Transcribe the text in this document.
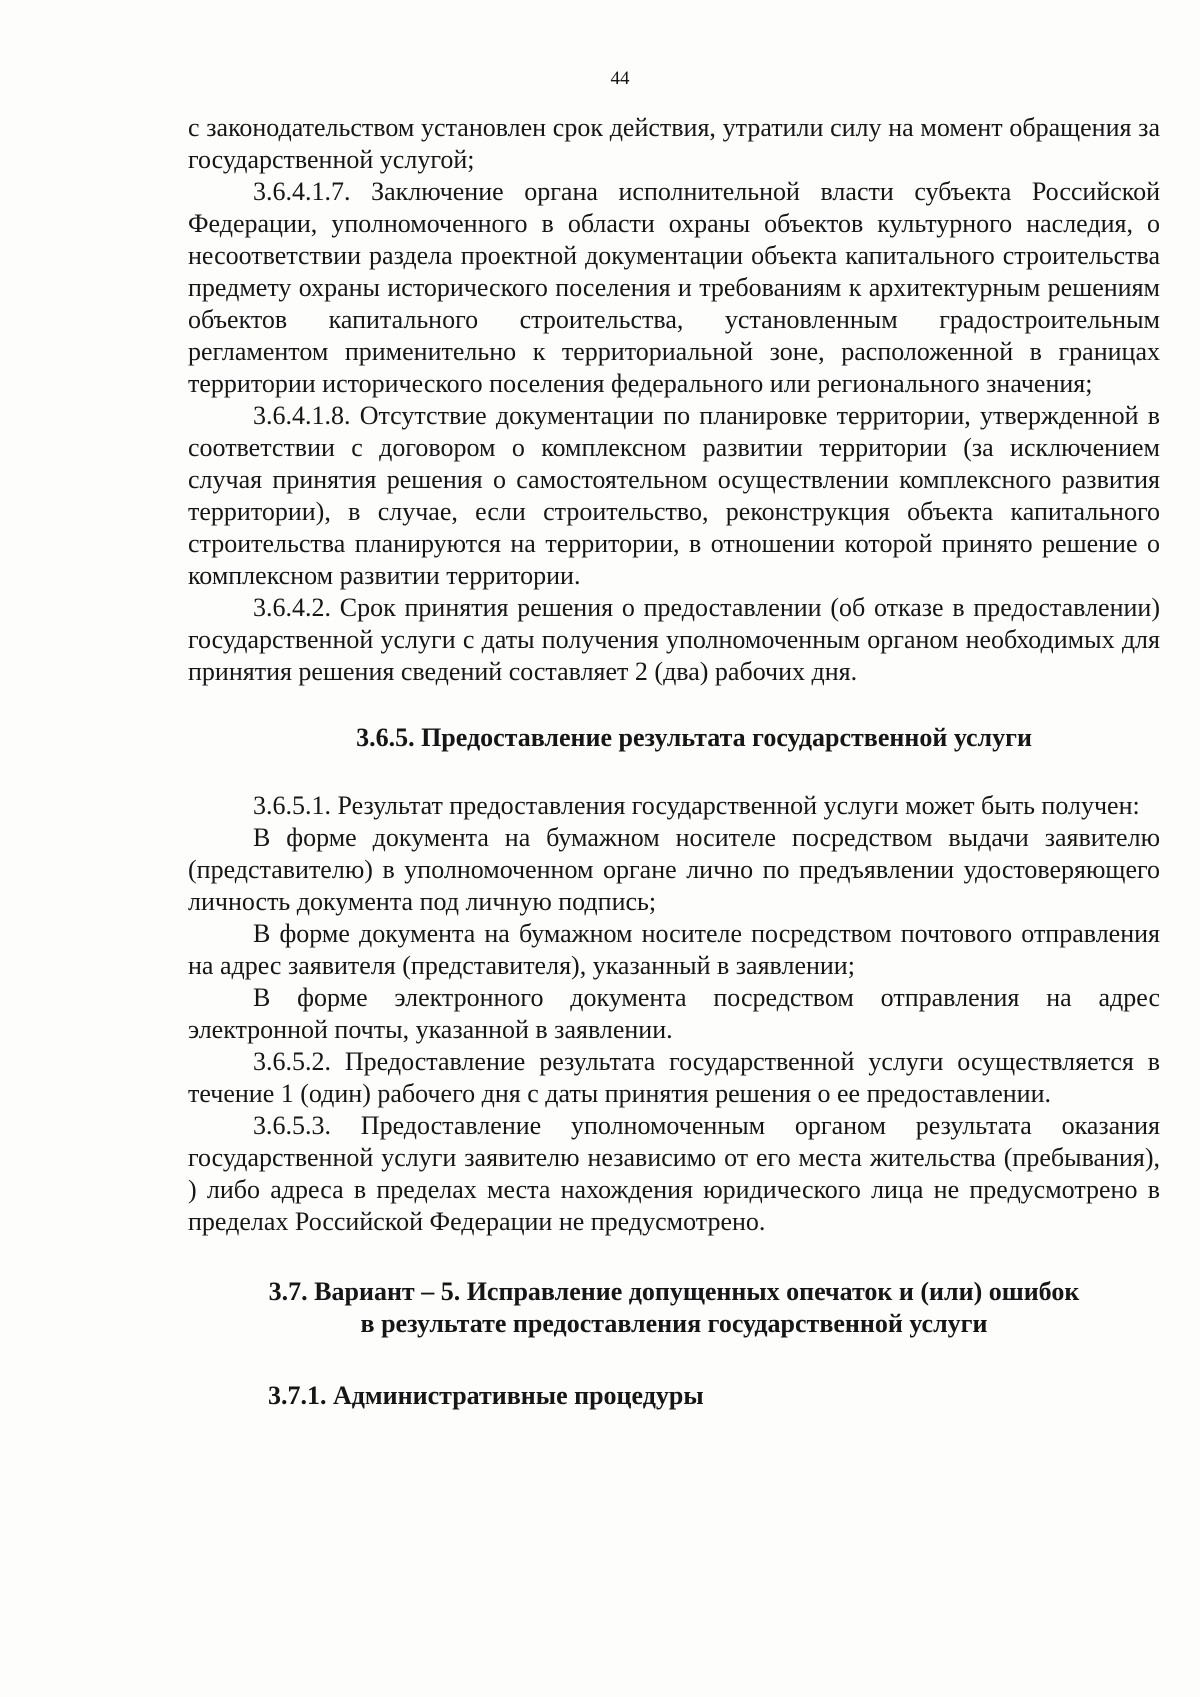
44

с законодательством установлен срок действия, утратили силу на момент обращения за государственной услугой;

3.6.4.1.7. Заключение органа исполнительной власти субъекта Российской Федерации, уполномоченного в области охраны объектов культурного наследия, о несоответствии раздела проектной документации объекта капитального строительства предмету охраны исторического поселения и требованиям к архитектурным решениям объектов капитального строительства, установленным градостроительным регламентом применительно к территориальной зоне, расположенной в границах территории исторического поселения федерального или регионального значения;

3.6.4.1.8. Отсутствие документации по планировке территории, утвержденной в соответствии с договором о комплексном развитии территории (за исключением случая принятия решения о самостоятельном осуществлении комплексного развития территории), в случае, если строительство, реконструкция объекта капитального строительства планируются на территории, в отношении которой принято решение о комплексном развитии территории.

3.6.4.2. Срок принятия решения о предоставлении (об отказе в предоставлении) государственной услуги с даты получения уполномоченным органом необходимых для принятия решения сведений составляет 2 (два) рабочих дня.

3.6.5. Предоставление результата государственной услуги

3.6.5.1. Результат предоставления государственной услуги может быть получен:

В форме документа на бумажном носителе посредством выдачи заявителю (представителю) в уполномоченном органе лично по предъявлении удостоверяющего личность документа под личную подпись;

В форме документа на бумажном носителе посредством почтового отправления на адрес заявителя (представителя), указанный в заявлении;

В форме электронного документа посредством отправления на адрес электронной почты, указанной в заявлении.

3.6.5.2. Предоставление результата государственной услуги осуществляется в течение 1 (один) рабочего дня с даты принятия решения о ее предоставлении.

3.6.5.3. Предоставление уполномоченным органом результата оказания государственной услуги заявителю независимо от его места жительства (пребывания), ) либо адреса в пределах места нахождения юридического лица не предусмотрено в пределах Российской Федерации не предусмотрено.

3.7. Вариант – 5. Исправление допущенных опечаток и (или) ошибок
в результате предоставления государственной услуги
3.7.1. Административные процедуры
